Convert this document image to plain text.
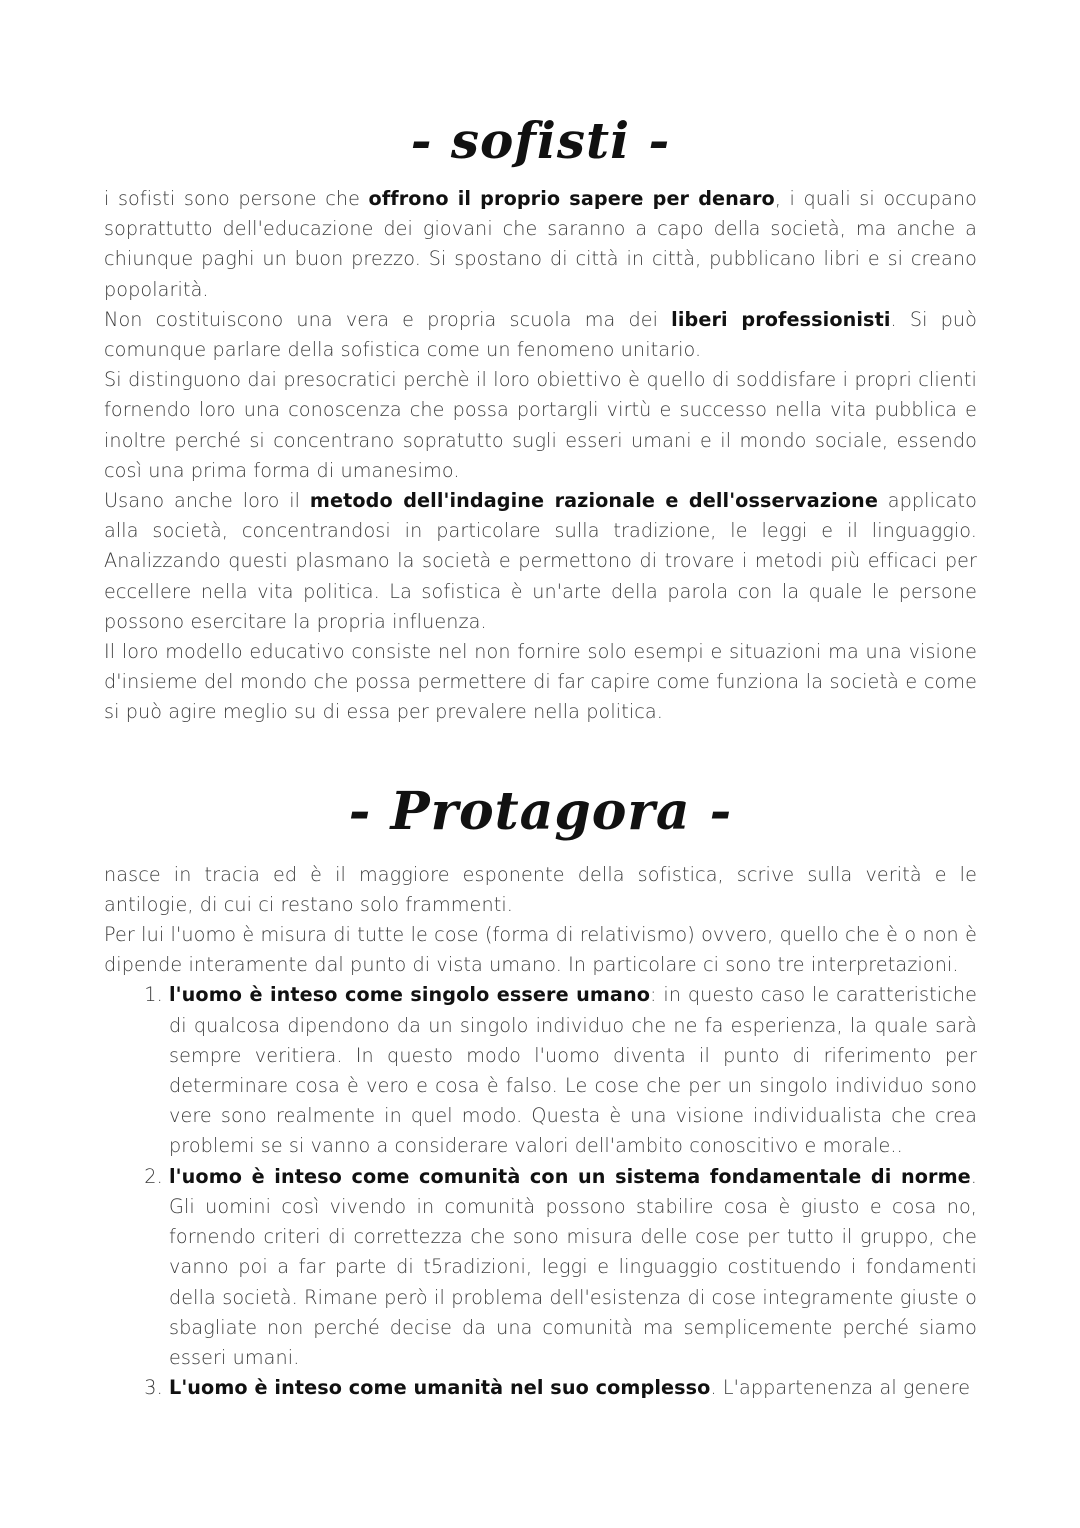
- sofisti -

i sofisti sono persone che offrono il proprio sapere per denaro, i quali si occupano soprattutto dell'educazione dei giovani che saranno a capo della società, ma anche a chiunque paghi un buon prezzo. Si spostano di città in città, pubblicano libri e si creano popolarità.

Non costituiscono una vera e propria scuola ma dei liberi professionisti. Si può comunque parlare della sofistica come un fenomeno unitario.

Si distinguono dai presocratici perchè il loro obiettivo è quello di soddisfare i propri clienti fornendo loro una conoscenza che possa portargli virtù e successo nella vita pubblica e inoltre perché si concentrano sopratutto sugli esseri umani e il mondo sociale, essendo così una prima forma di umanesimo.

Usano anche loro il metodo dell'indagine razionale e dell'osservazione applicato alla società, concentrandosi in particolare sulla tradizione, le leggi e il linguaggio. Analizzando questi plasmano la società e permettono di trovare i metodi più efficaci per eccellere nella vita politica. La sofistica è un'arte della parola con la quale le persone possono esercitare la propria influenza.

Il loro modello educativo consiste nel non fornire solo esempi e situazioni ma una visione d'insieme del mondo che possa permettere di far capire come funziona la società e come si può agire meglio su di essa per prevalere nella politica.

- Protagora -

nasce in tracia ed è il maggiore esponente della sofistica, scrive sulla verità e le antilogie, di cui ci restano solo frammenti.

Per lui l'uomo è misura di tutte le cose (forma di relativismo) ovvero, quello che è o non è dipende interamente dal punto di vista umano. In particolare ci sono tre interpretazioni.

1. l'uomo è inteso come singolo essere umano: in questo caso le caratteristiche di qualcosa dipendono da un singolo individuo che ne fa esperienza, la quale sarà sempre veritiera. In questo modo l'uomo diventa il punto di riferimento per determinare cosa è vero e cosa è falso. Le cose che per un singolo individuo sono vere sono realmente in quel modo. Questa è una visione individualista che crea problemi se si vanno a considerare valori dell'ambito conoscitivo e morale..
2. l'uomo è inteso come comunità con un sistema fondamentale di norme. Gli uomini così vivendo in comunità possono stabilire cosa è giusto e cosa no, fornendo criteri di correttezza che sono misura delle cose per tutto il gruppo, che vanno poi a far parte di t5radizioni, leggi e linguaggio costituendo i fondamenti della società. Rimane però il problema dell'esistenza di cose integramente giuste o sbagliate non perché decise da una comunità ma semplicemente perché siamo esseri umani.
3. L'uomo è inteso come umanità nel suo complesso. L'appartenenza al genere
